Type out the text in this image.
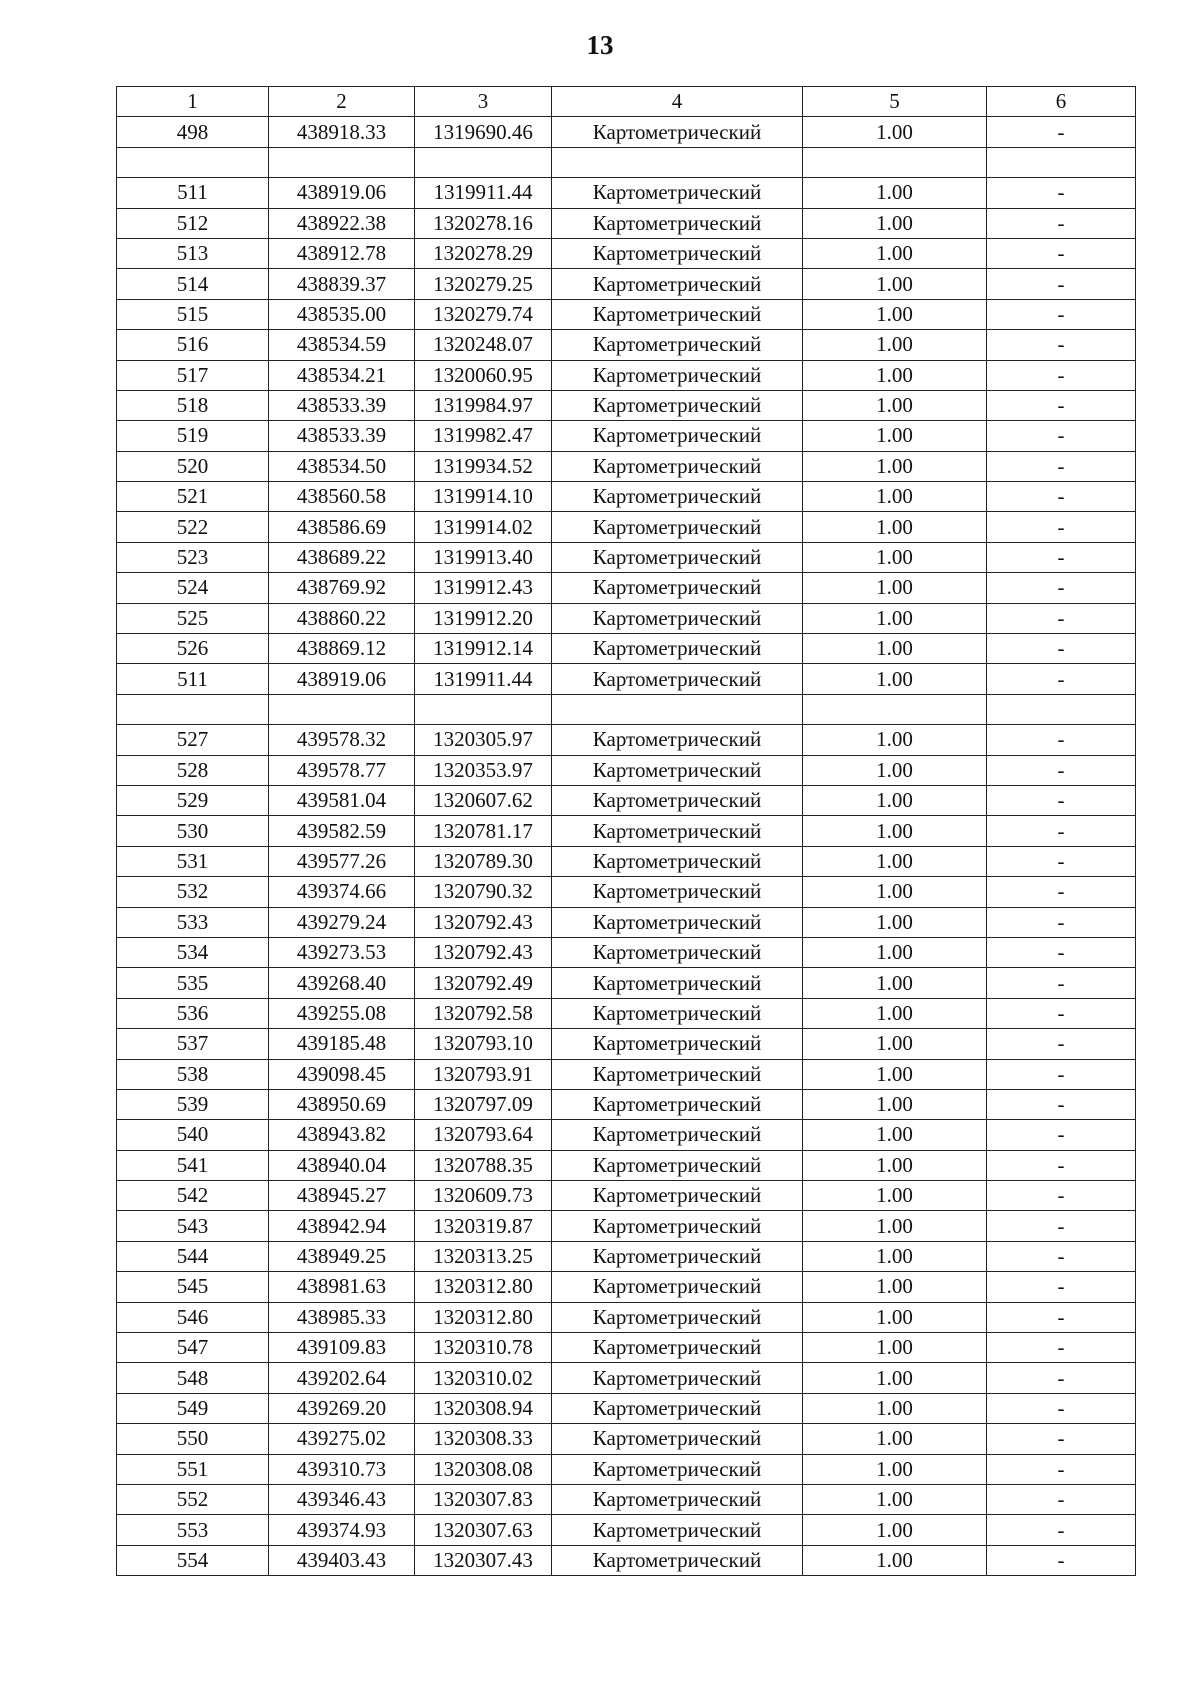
13
1	2	3	4	5	6
498	438918.33	1319690.46	Картометрический	1.00	-

511	438919.06	1319911.44	Картометрический	1.00	-
512	438922.38	1320278.16	Картометрический	1.00	-
513	438912.78	1320278.29	Картометрический	1.00	-
514	438839.37	1320279.25	Картометрический	1.00	-
515	438535.00	1320279.74	Картометрический	1.00	-
516	438534.59	1320248.07	Картометрический	1.00	-
517	438534.21	1320060.95	Картометрический	1.00	-
518	438533.39	1319984.97	Картометрический	1.00	-
519	438533.39	1319982.47	Картометрический	1.00	-
520	438534.50	1319934.52	Картометрический	1.00	-
521	438560.58	1319914.10	Картометрический	1.00	-
522	438586.69	1319914.02	Картометрический	1.00	-
523	438689.22	1319913.40	Картометрический	1.00	-
524	438769.92	1319912.43	Картометрический	1.00	-
525	438860.22	1319912.20	Картометрический	1.00	-
526	438869.12	1319912.14	Картометрический	1.00	-
511	438919.06	1319911.44	Картометрический	1.00	-

527	439578.32	1320305.97	Картометрический	1.00	-
528	439578.77	1320353.97	Картометрический	1.00	-
529	439581.04	1320607.62	Картометрический	1.00	-
530	439582.59	1320781.17	Картометрический	1.00	-
531	439577.26	1320789.30	Картометрический	1.00	-
532	439374.66	1320790.32	Картометрический	1.00	-
533	439279.24	1320792.43	Картометрический	1.00	-
534	439273.53	1320792.43	Картометрический	1.00	-
535	439268.40	1320792.49	Картометрический	1.00	-
536	439255.08	1320792.58	Картометрический	1.00	-
537	439185.48	1320793.10	Картометрический	1.00	-
538	439098.45	1320793.91	Картометрический	1.00	-
539	438950.69	1320797.09	Картометрический	1.00	-
540	438943.82	1320793.64	Картометрический	1.00	-
541	438940.04	1320788.35	Картометрический	1.00	-
542	438945.27	1320609.73	Картометрический	1.00	-
543	438942.94	1320319.87	Картометрический	1.00	-
544	438949.25	1320313.25	Картометрический	1.00	-
545	438981.63	1320312.80	Картометрический	1.00	-
546	438985.33	1320312.80	Картометрический	1.00	-
547	439109.83	1320310.78	Картометрический	1.00	-
548	439202.64	1320310.02	Картометрический	1.00	-
549	439269.20	1320308.94	Картометрический	1.00	-
550	439275.02	1320308.33	Картометрический	1.00	-
551	439310.73	1320308.08	Картометрический	1.00	-
552	439346.43	1320307.83	Картометрический	1.00	-
553	439374.93	1320307.63	Картометрический	1.00	-
554	439403.43	1320307.43	Картометрический	1.00	-
